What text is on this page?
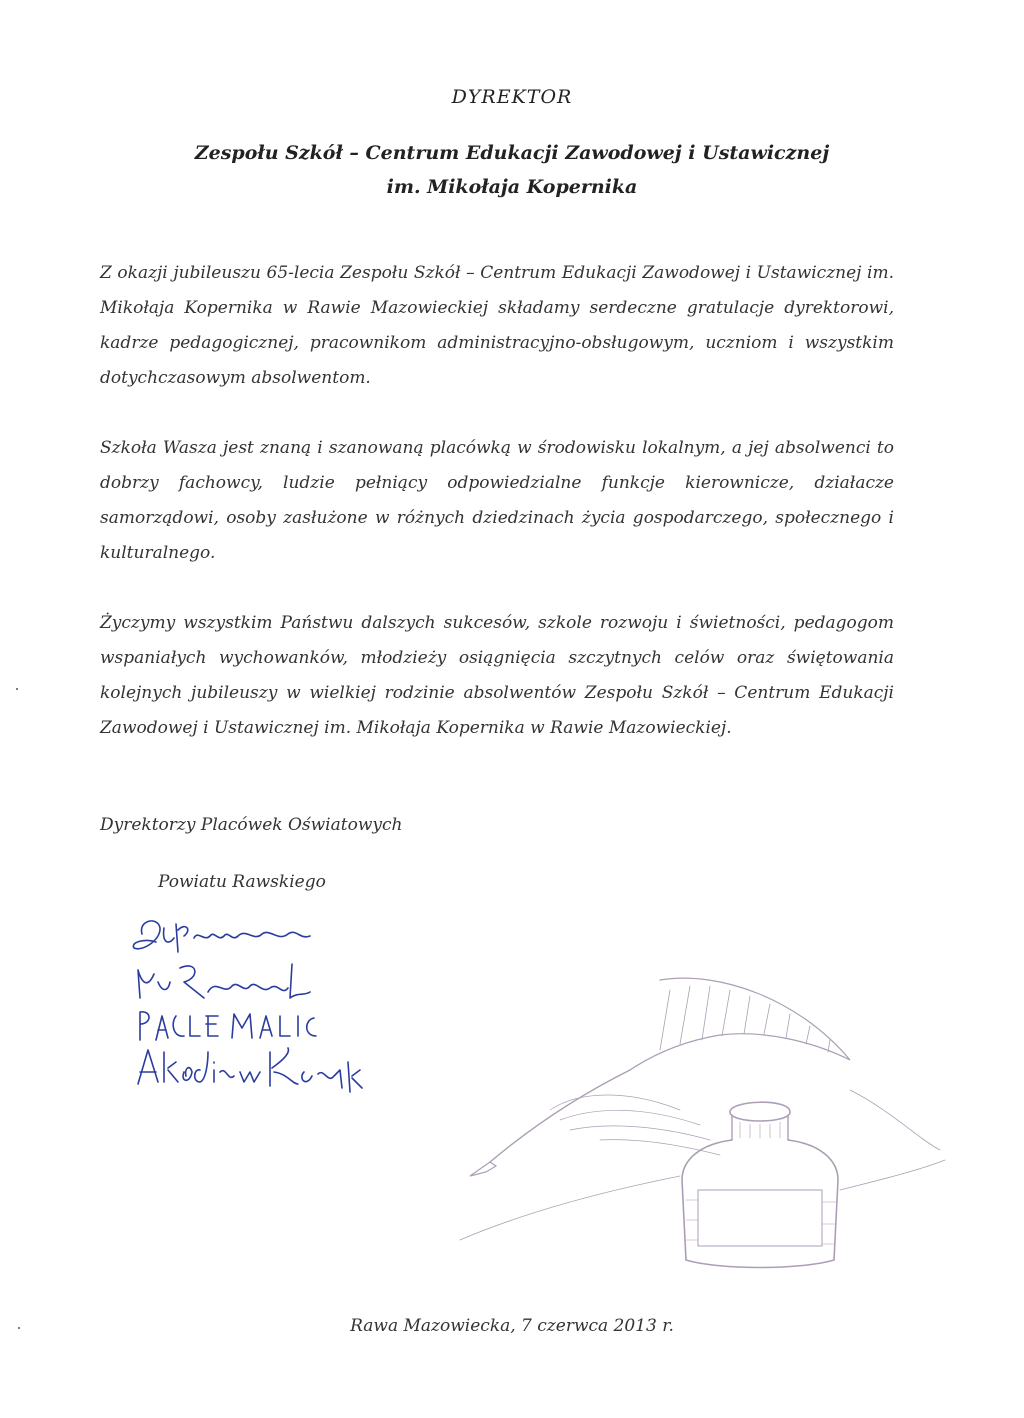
DYREKTOR
Zespołu Szkół – Centrum Edukacji Zawodowej i Ustawicznej
im. Mikołaja Kopernika

Z okazji jubileuszu 65-lecia Zespołu Szkół – Centrum Edukacji Zawodowej i Ustawicznej im. Mikołaja Kopernika w Rawie Mazowieckiej składamy serdeczne gratulacje dyrektorowi, kadrze pedagogicznej, pracownikom administracyjno-obsługowym, uczniom i wszystkim dotychczasowym absolwentom.

Szkoła Wasza jest znaną i szanowaną placówką w środowisku lokalnym, a jej absolwenci to dobrzy fachowcy, ludzie pełniący odpowiedzialne funkcje kierownicze, działacze samorządowi, osoby zasłużone w różnych dziedzinach życia gospodarczego, społecznego i kulturalnego.

Życzymy wszystkim Państwu dalszych sukcesów, szkole rozwoju i świetności, pedagogom wspaniałych wychowanków, młodzieży osiągnięcia szczytnych celów oraz świętowania kolejnych jubileuszy w wielkiej rodzinie absolwentów Zespołu Szkół – Centrum Edukacji Zawodowej i Ustawicznej im. Mikołaja Kopernika w Rawie Mazowieckiej.

Dyrektorzy Placówek Oświatowych
Powiatu Rawskiego
Rawa Mazowiecka, 7 czerwca 2013 r.
